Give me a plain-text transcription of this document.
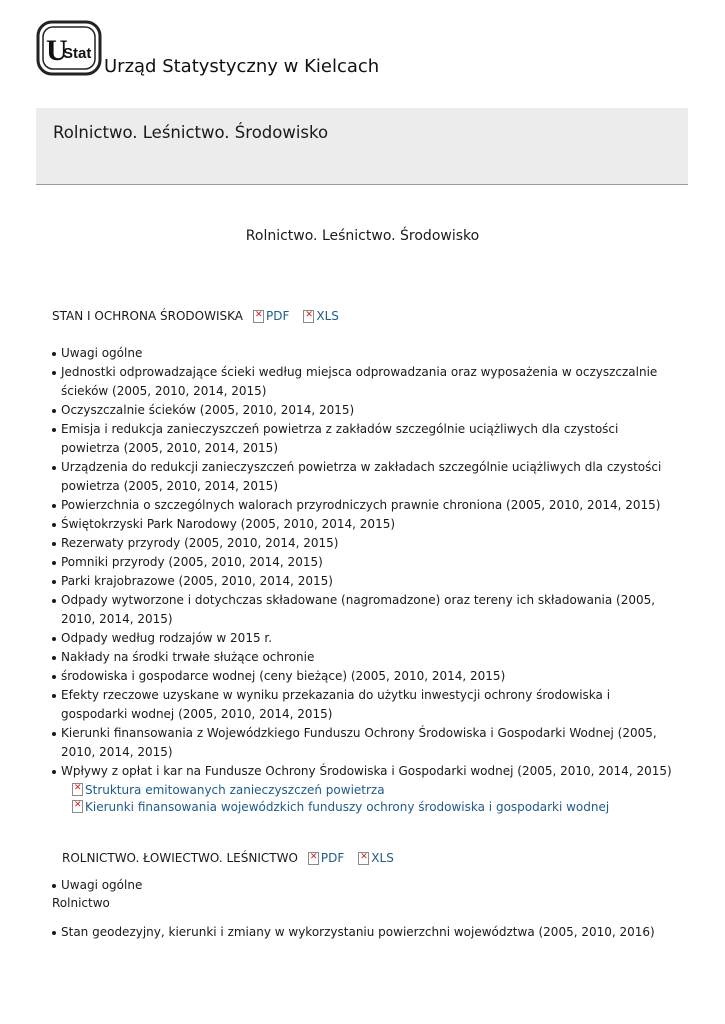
U
Stat
Urząd Statystyczny w Kielcach
Rolnictwo. Leśnictwo. Środowisko
Rolnictwo. Leśnictwo. Środowisko
STAN I OCHRONA ŚRODOWISKA ✕ PDF ✕ XLS
Uwagi ogólne
Jednostki odprowadzające ścieki według miejsca odprowadzania oraz wyposażenia w oczyszczalnie ścieków (2005, 2010, 2014, 2015)
Oczyszczalnie ścieków (2005, 2010, 2014, 2015)
Emisja i redukcja zanieczyszczeń powietrza z zakładów szczególnie uciążliwych dla czystości powietrza (2005, 2010, 2014, 2015)
Urządzenia do redukcji zanieczyszczeń powietrza w zakładach szczególnie uciążliwych dla czystości powietrza (2005, 2010, 2014, 2015)
Powierzchnia o szczególnych walorach przyrodniczych prawnie chroniona (2005, 2010, 2014, 2015)
Świętokrzyski Park Narodowy (2005, 2010, 2014, 2015)
Rezerwaty przyrody (2005, 2010, 2014, 2015)
Pomniki przyrody (2005, 2010, 2014, 2015)
Parki krajobrazowe (2005, 2010, 2014, 2015)
Odpady wytworzone i dotychczas składowane (nagromadzone) oraz tereny ich składowania (2005, 2010, 2014, 2015)
Odpady według rodzajów w 2015 r.
Nakłady na środki trwałe służące ochronie
środowiska i gospodarce wodnej (ceny bieżące) (2005, 2010, 2014, 2015)
Efekty rzeczowe uzyskane w wyniku przekazania do użytku inwestycji ochrony środowiska i gospodarki wodnej (2005, 2010, 2014, 2015)
Kierunki finansowania z Wojewódzkiego Funduszu Ochrony Środowiska i Gospodarki Wodnej (2005, 2010, 2014, 2015)
Wpływy z opłat i kar na Fundusze Ochrony Środowiska i Gospodarki wodnej (2005, 2010, 2014, 2015)
✕Struktura emitowanych zanieczyszczeń powietrza
✕Kierunki finansowania wojewódzkich funduszy ochrony środowiska i gospodarki wodnej
ROLNICTWO. ŁOWIECTWO. LEŚNICTWO ✕ PDF ✕ XLS
Uwagi ogólne
Rolnictwo
Stan geodezyjny, kierunki i zmiany w wykorzystaniu powierzchni województwa (2005, 2010, 2016)
